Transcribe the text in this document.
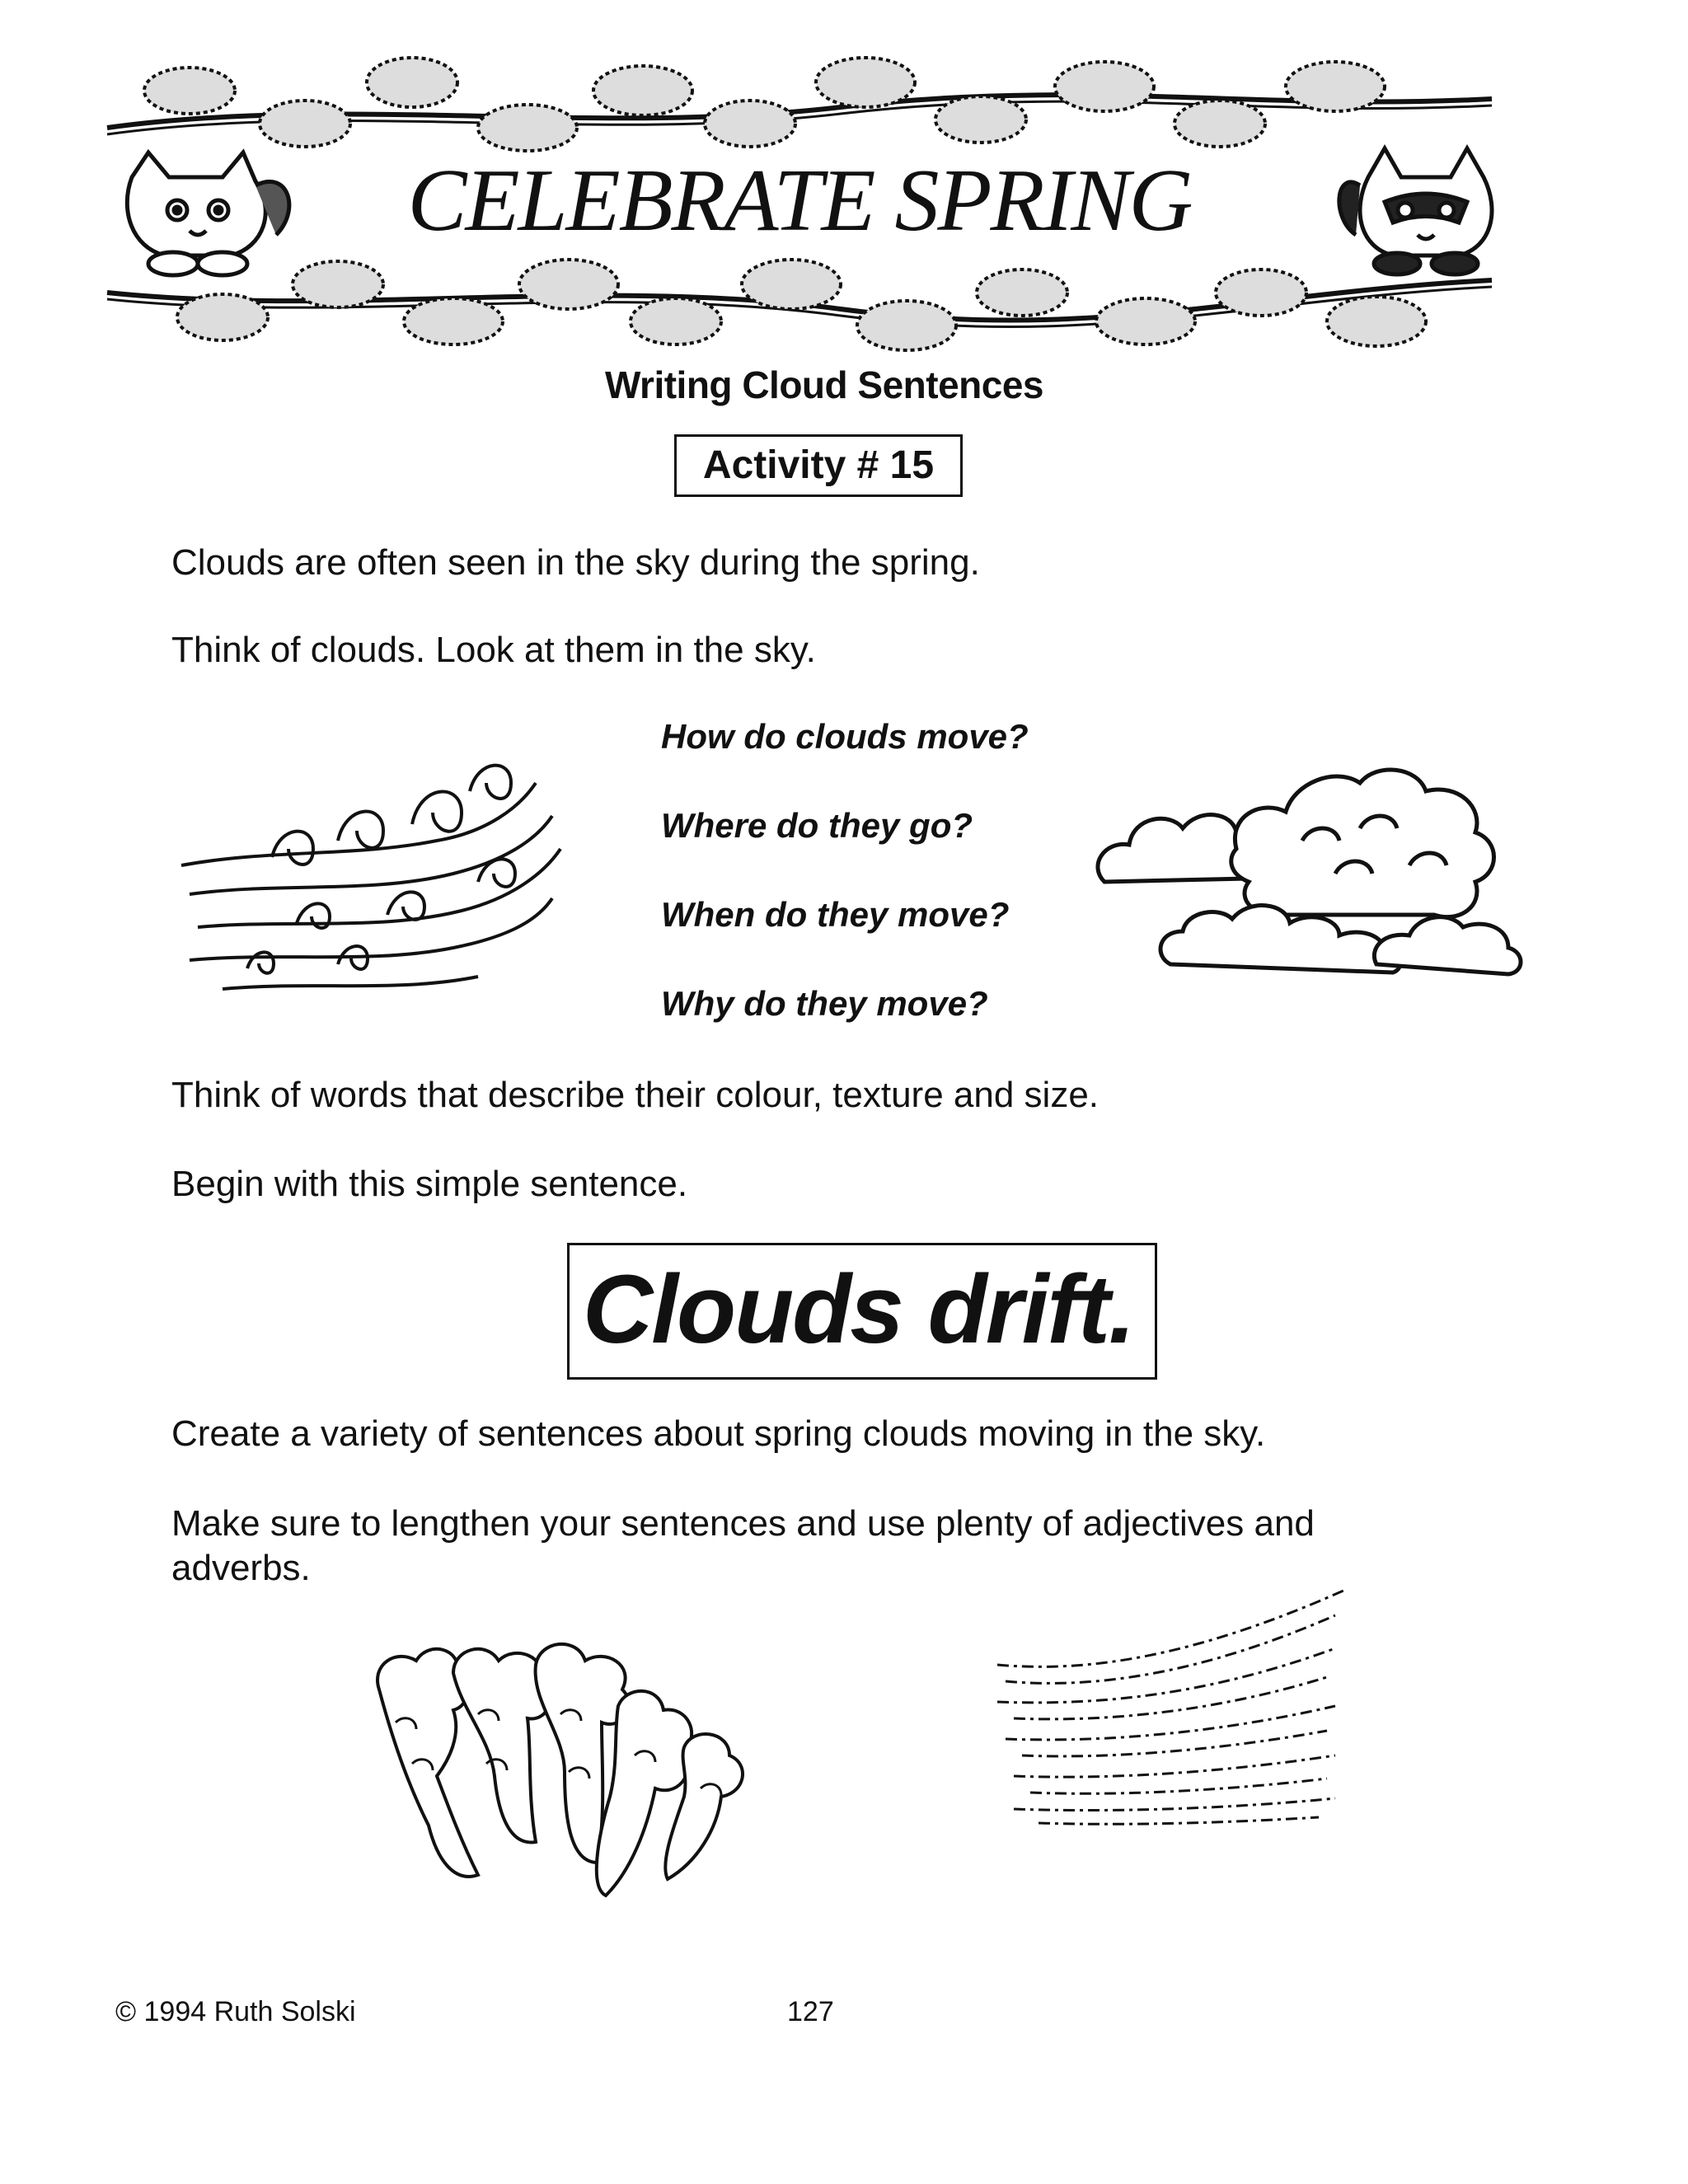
CELEBRATE SPRING
Writing Cloud Sentences
Activity # 15
Clouds are often seen in the sky during the spring.
Think of clouds. Look at them in the sky.
How do clouds move?
Where do they go?
When do they move?
Why do they move?
Think of words that describe their colour, texture and size.
Begin with this simple sentence.
Clouds drift.
Create a variety of sentences about spring clouds moving in the sky.
Make sure to lengthen your sentences and use plenty of adjectives and adverbs.
© 1994 Ruth Solski	127
